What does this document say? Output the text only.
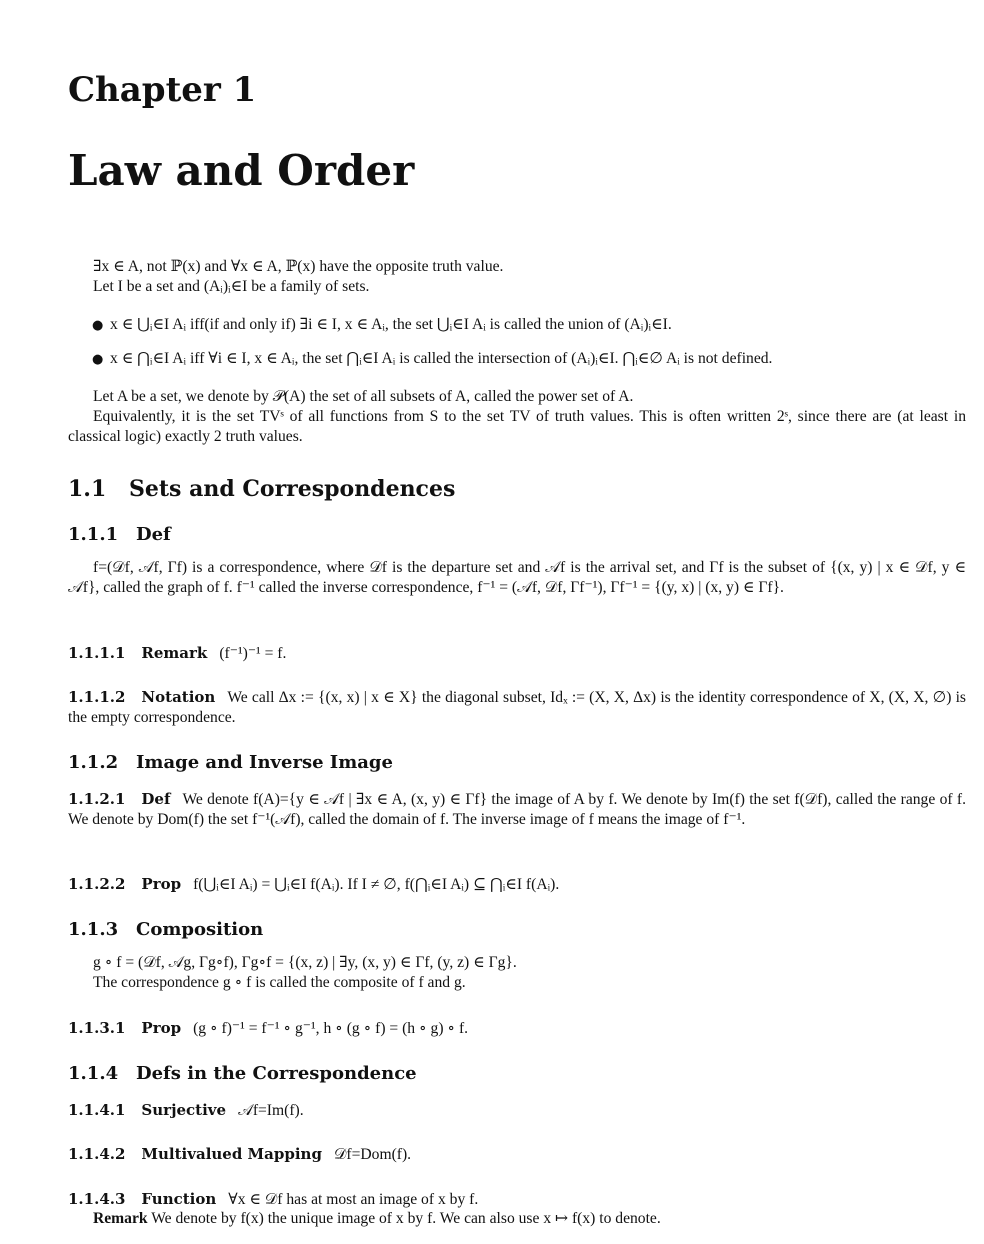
Chapter 1
Law and Order
∃x ∈ A, not ℙ(x) and ∀x ∈ A, ℙ(x) have the opposite truth value.
Let I be a set and (Aᵢ)ᵢ∈I be a family of sets.
● x ∈ ⋃ᵢ∈I Aᵢ iff(if and only if) ∃i ∈ I, x ∈ Aᵢ, the set ⋃ᵢ∈I Aᵢ is called the union of (Aᵢ)ᵢ∈I.
● x ∈ ⋂ᵢ∈I Aᵢ iff ∀i ∈ I, x ∈ Aᵢ, the set ⋂ᵢ∈I Aᵢ is called the intersection of (Aᵢ)ᵢ∈I. ⋂ᵢ∈∅ Aᵢ is not defined.
Let A be a set, we denote by 𝒫(A) the set of all subsets of A, called the power set of A.
Equivalently, it is the set TVˢ of all functions from S to the set TV of truth values. This is often written 2ˢ, since there are (at least in classical logic) exactly 2 truth values.
1.1 Sets and Correspondences
1.1.1 Def
f=(𝒟f, 𝒜f, Γf) is a correspondence, where 𝒟f is the departure set and 𝒜f is the arrival set, and Γf is the subset of {(x, y) | x ∈ 𝒟f, y ∈ 𝒜f}, called the graph of f. f⁻¹ called the inverse correspondence, f⁻¹ = (𝒜f, 𝒟f, Γf⁻¹), Γf⁻¹ = {(y, x) | (x, y) ∈ Γf}.
1.1.1.1 Remark (f⁻¹)⁻¹ = f.
1.1.1.2 Notation We call Δx := {(x, x) | x ∈ X} the diagonal subset, Idₓ := (X, X, Δx) is the identity correspondence of X, (X, X, ∅) is the empty correspondence.
1.1.2 Image and Inverse Image
1.1.2.1 Def We denote f(A)={y ∈ 𝒜f | ∃x ∈ A, (x, y) ∈ Γf} the image of A by f. We denote by Im(f) the set f(𝒟f), called the range of f. We denote by Dom(f) the set f⁻¹(𝒜f), called the domain of f. The inverse image of f means the image of f⁻¹.
1.1.2.2 Prop f(⋃ᵢ∈I Aᵢ) = ⋃ᵢ∈I f(Aᵢ). If I ≠ ∅, f(⋂ᵢ∈I Aᵢ) ⊆ ⋂ᵢ∈I f(Aᵢ).
1.1.3 Composition
g ∘ f = (𝒟f, 𝒜g, Γg∘f), Γg∘f = {(x, z) | ∃y, (x, y) ∈ Γf, (y, z) ∈ Γg}.
The correspondence g ∘ f is called the composite of f and g.
1.1.3.1 Prop (g ∘ f)⁻¹ = f⁻¹ ∘ g⁻¹, h ∘ (g ∘ f) = (h ∘ g) ∘ f.
1.1.4 Defs in the Correspondence
1.1.4.1 Surjective 𝒜f=Im(f).
1.1.4.2 Multivalued Mapping 𝒟f=Dom(f).
1.1.4.3 Function ∀x ∈ 𝒟f has at most an image of x by f.
Remark We denote by f(x) the unique image of x by f. We can also use x ↦ f(x) to denote.
